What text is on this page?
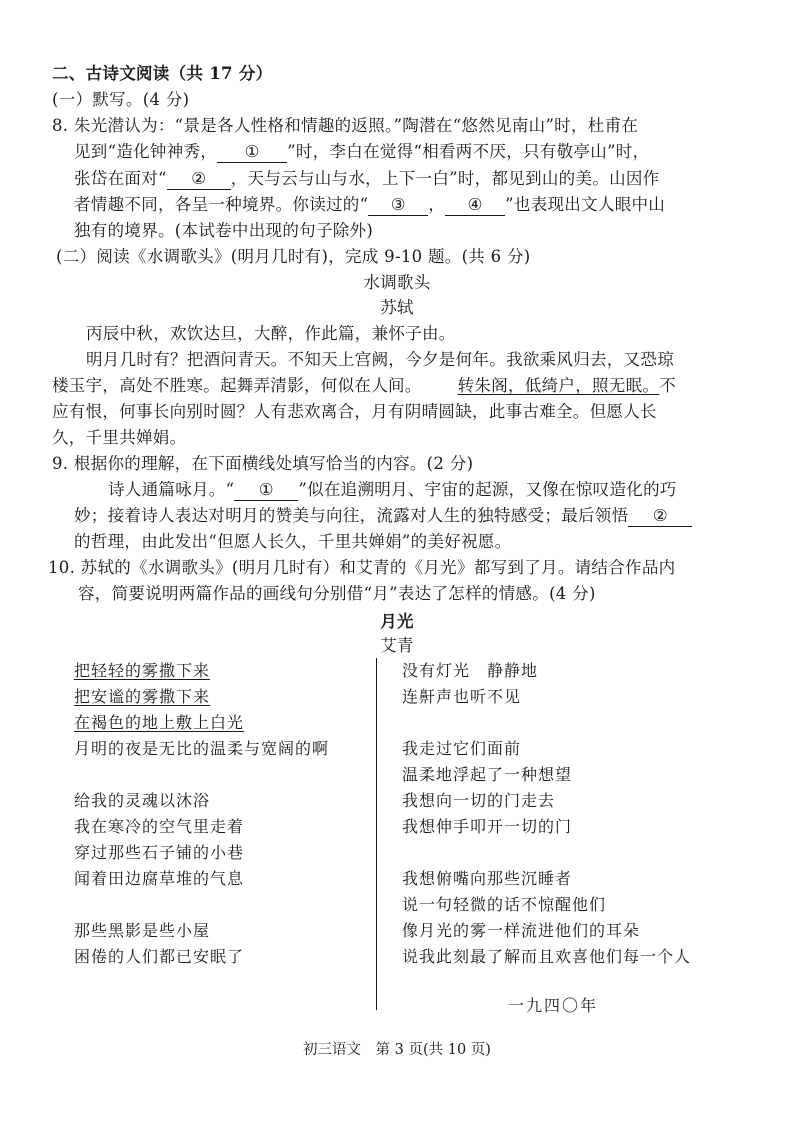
二、古诗文阅读（共 17 分）
(一）默写。(4 分)
8. 朱光潜认为：“景是各人性格和情趣的返照。”陶潜在“悠然见南山”时，杜甫在
见到“造化钟神秀， ① ”时，李白在觉得“相看两不厌，只有敬亭山”时，
张岱在面对“ ② ，天与云与山与水，上下一白”时，都见到山的美。山因作
者情趣不同，各呈一种境界。你读过的“ ③ ， ④ ”也表现出文人眼中山
独有的境界。(本试卷中出现的句子除外)
(二）阅读《水调歌头》(明月几时有)，完成 9-10 题。(共 6 分)
水调歌头
苏轼
丙辰中秋，欢饮达旦，大醉，作此篇，兼怀子由。
明月几时有？把酒问青天。不知天上宫阙，今夕是何年。我欲乘风归去，又恐琼
楼玉宇，高处不胜寒。起舞弄清影，何似在人间。 转朱阁，低绮户，照无眠。不
应有恨，何事长向别时圆？人有悲欢离合，月有阴晴圆缺，此事古难全。但愿人长
久，千里共婵娟。
9. 根据你的理解，在下面横线处填写恰当的内容。(2 分)
诗人通篇咏月。“ ① ”似在追溯明月、宇宙的起源，又像在惊叹造化的巧
妙；接着诗人表达对明月的赞美与向往，流露对人生的独特感受；最后领悟 ②
的哲理，由此发出“但愿人长久，千里共婵娟”的美好祝愿。
10. 苏轼的《水调歌头》(明月几时有）和艾青的《月光》都写到了月。请结合作品内
容，简要说明两篇作品的画线句分别借“月”表达了怎样的情感。(4 分)
月光
艾青
把轻轻的雾撒下来
把安谧的雾撒下来
在褐色的地上敷上白光
月明的夜是无比的温柔与宽阔的啊
给我的灵魂以沐浴
我在寒冷的空气里走着
穿过那些石子铺的小巷
闻着田边腐草堆的气息
那些黑影是些小屋
困倦的人们都已安眠了
没有灯光　静静地
连鼾声也听不见
我走过它们面前
温柔地浮起了一种想望
我想向一切的门走去
我想伸手叩开一切的门
我想俯嘴向那些沉睡者
说一句轻微的话不惊醒他们
像月光的雾一样流进他们的耳朵
说我此刻最了解而且欢喜他们每一个人
一九四〇年
初三语文　第 3 页(共 10 页)
